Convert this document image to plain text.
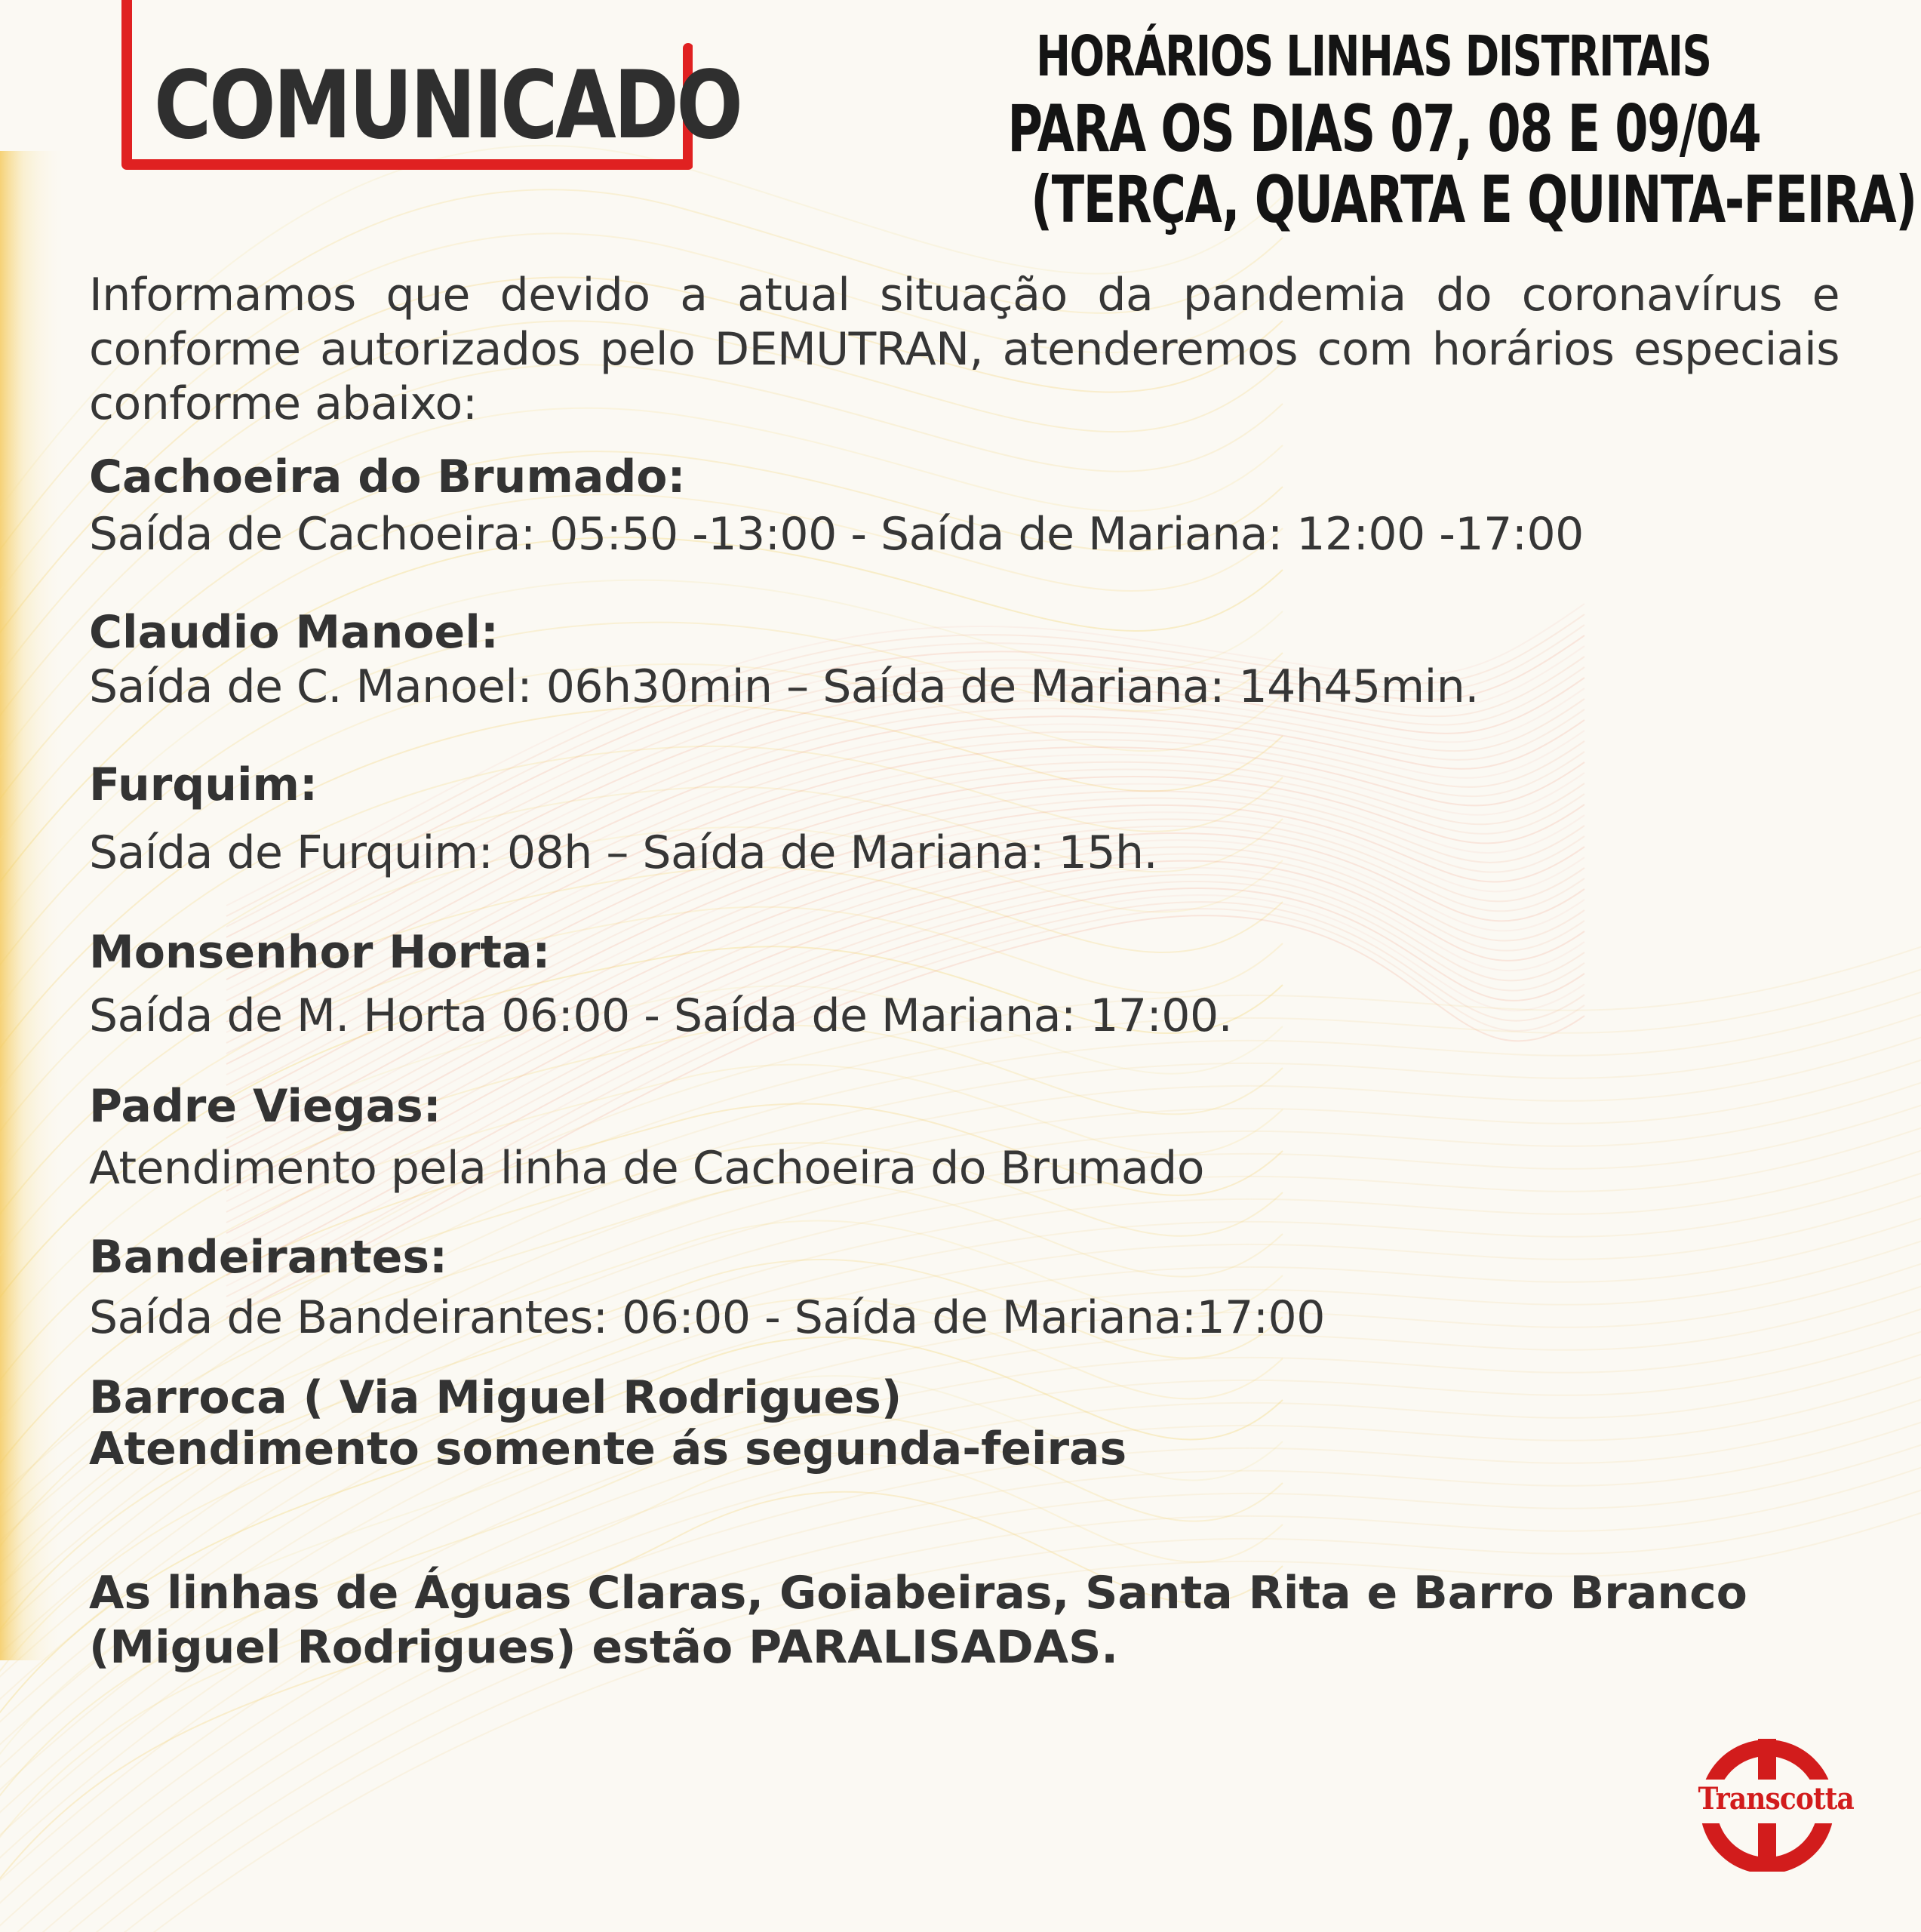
COMUNICADO	HORÁRIOS LINHAS DISTRITAIS
PARA OS DIAS 07, 08 E 09/04
(TERÇA, QUARTA E QUINTA-FEIRA)
Informamos que devido a atual situação da pandemia do coronavírus e conforme autorizados pelo DEMUTRAN, atenderemos com horários especiais conforme abaixo:
Cachoeira do Brumado:
Saída de Cachoeira: 05:50 -13:00 - Saída de Mariana: 12:00 -17:00
Claudio Manoel:
Saída de C. Manoel: 06h30min – Saída de Mariana: 14h45min.
Furquim:
Saída de Furquim: 08h – Saída de Mariana: 15h.
Monsenhor Horta:
Saída de M. Horta 06:00 - Saída de Mariana: 17:00.
Padre Viegas:
Atendimento pela linha de Cachoeira do Brumado
Bandeirantes:
Saída de Bandeirantes: 06:00 - Saída de Mariana:17:00
Barroca ( Via Miguel Rodrigues)
Atendimento somente ás segunda-feiras
As linhas de Águas Claras, Goiabeiras, Santa Rita e Barro Branco (Miguel Rodrigues) estão PARALISADAS.
Transcotta
